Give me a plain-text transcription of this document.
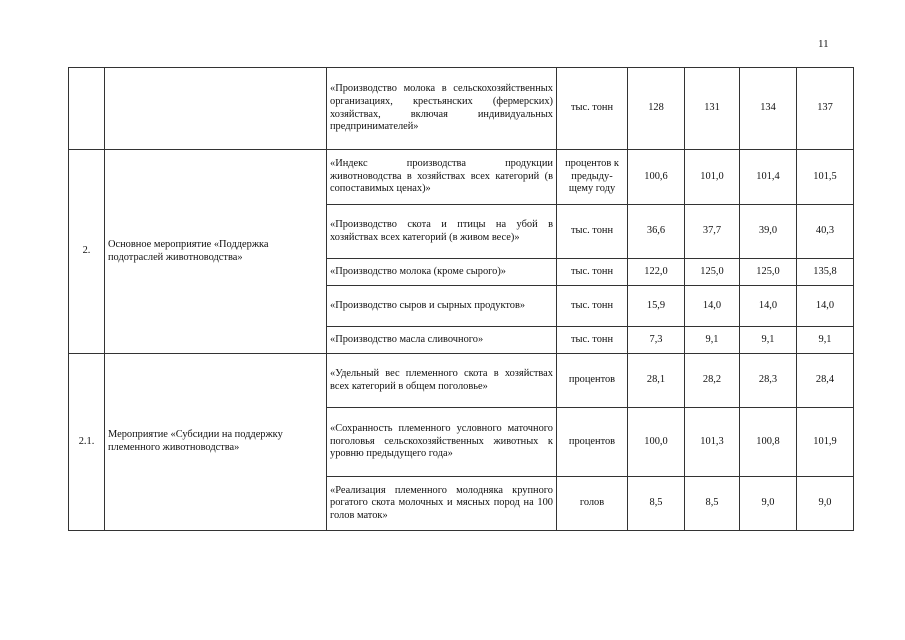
11
		«Производство молока в сельскохозяйственных организациях, крестьянских (фермерских) хозяйствах, включая индивидуальных предпринимателей»	тыс. тонн	128	131	134	137
2.	Основное мероприятие «Поддержка подотраслей животноводства»	«Индекс производства продукции животноводства в хозяйствах всех категорий (в сопоставимых ценах)»	процентов к предыду-щему году	100,6	101,0	101,4	101,5
		«Производство скота и птицы на убой в хозяйствах всех категорий (в живом весе)»	тыс. тонн	36,6	37,7	39,0	40,3
		«Производство молока (кроме сырого)»	тыс. тонн	122,0	125,0	125,0	135,8
		«Производство сыров и сырных продуктов»	тыс. тонн	15,9	14,0	14,0	14,0
		«Производство масла сливочного»	тыс. тонн	7,3	9,1	9,1	9,1
2.1.	Мероприятие «Субсидии на поддержку племенного животноводства»	«Удельный вес племенного скота в хозяйствах всех категорий в общем поголовье»	процентов	28,1	28,2	28,3	28,4
		«Сохранность племенного условного маточного поголовья сельскохозяйственных животных к уровню предыдущего года»	процентов	100,0	101,3	100,8	101,9
		«Реализация племенного молодняка крупного рогатого скота молочных и мясных пород на 100 голов маток»	голов	8,5	8,5	9,0	9,0
